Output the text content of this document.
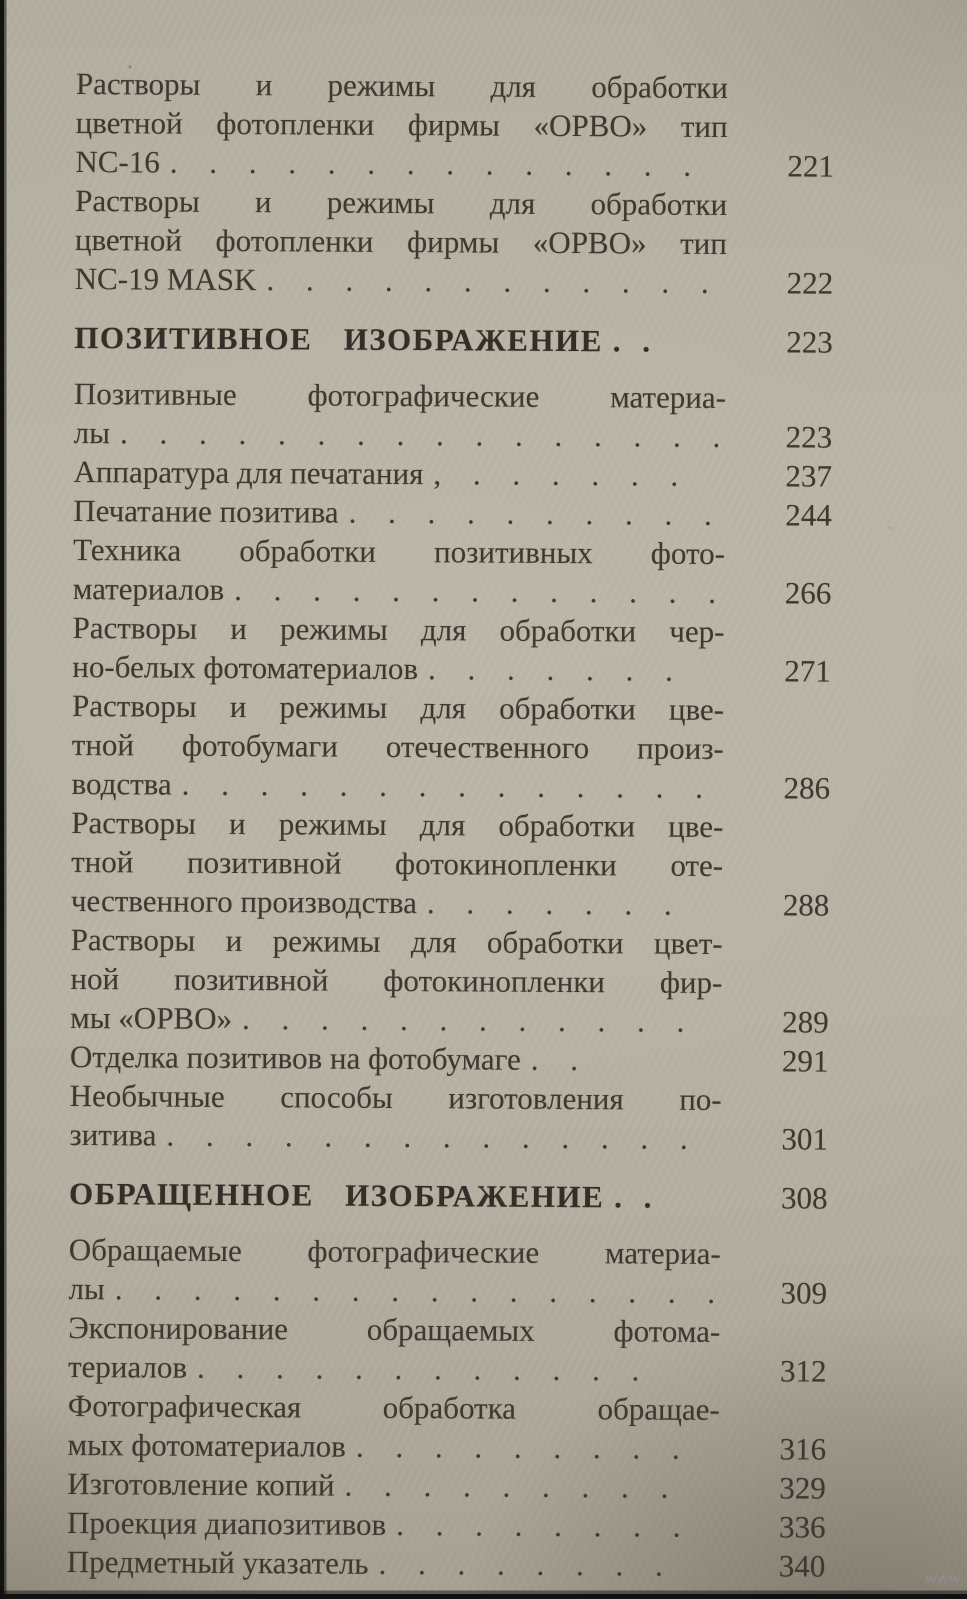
Растворы и режимы для обработки
цветной фотопленки фирмы «ОРВО» тип
NC-16 . . . . . . . . . . . . . .	221
Растворы и режимы для обработки
цветной фотопленки фирмы «ОРВО» тип
NC-19 MASK . . . . . . . . . . . .	222
ПОЗИТИВНОЕ ИЗОБРАЖЕНИЕ . .	223
Позитивные фотографические материа-
лы . . . . . . . . . . . . . . . .	223
Аппаратура для печатания , . . . . . .	237
Печатание позитива . . . . . . . . . .	244
Техника обработки позитивных фото-
материалов . . . . . . . . . . . . .	266
Растворы и режимы для обработки чер-
но-белых фотоматериалов . . . . . . .	271
Растворы и режимы для обработки цве-
тной фотобумаги отечественного произ-
водства . . . . . . . . . . . . . .	286
Растворы и режимы для обработки цве-
тной позитивной фотокинопленки оте-
чественного производства . . . . . . .	288
Растворы и режимы для обработки цвет-
ной позитивной фотокинопленки фир-
мы «ОРВО» . . . . . . . . . . . .	289
Отделка позитивов на фотобумаге . .	291
Необычные способы изготовления по-
зитива . . . . . . . . . . . . . .	301
ОБРАЩЕННОЕ ИЗОБРАЖЕНИЕ . .	308
Обращаемые фотографические материа-
лы . . . . . . . . . . . . . . . .	309
Экспонирование обращаемых фотома-
териалов . . . . . . . . . . . .	312
Фотографическая обработка обращае-
мых фотоматериалов . . . . . . . . .	316
Изготовление копий . . . . . . . . .	329
Проекция диапозитивов . . . . . . . .	336
Предметный указатель . . . . . . . .	340	www
